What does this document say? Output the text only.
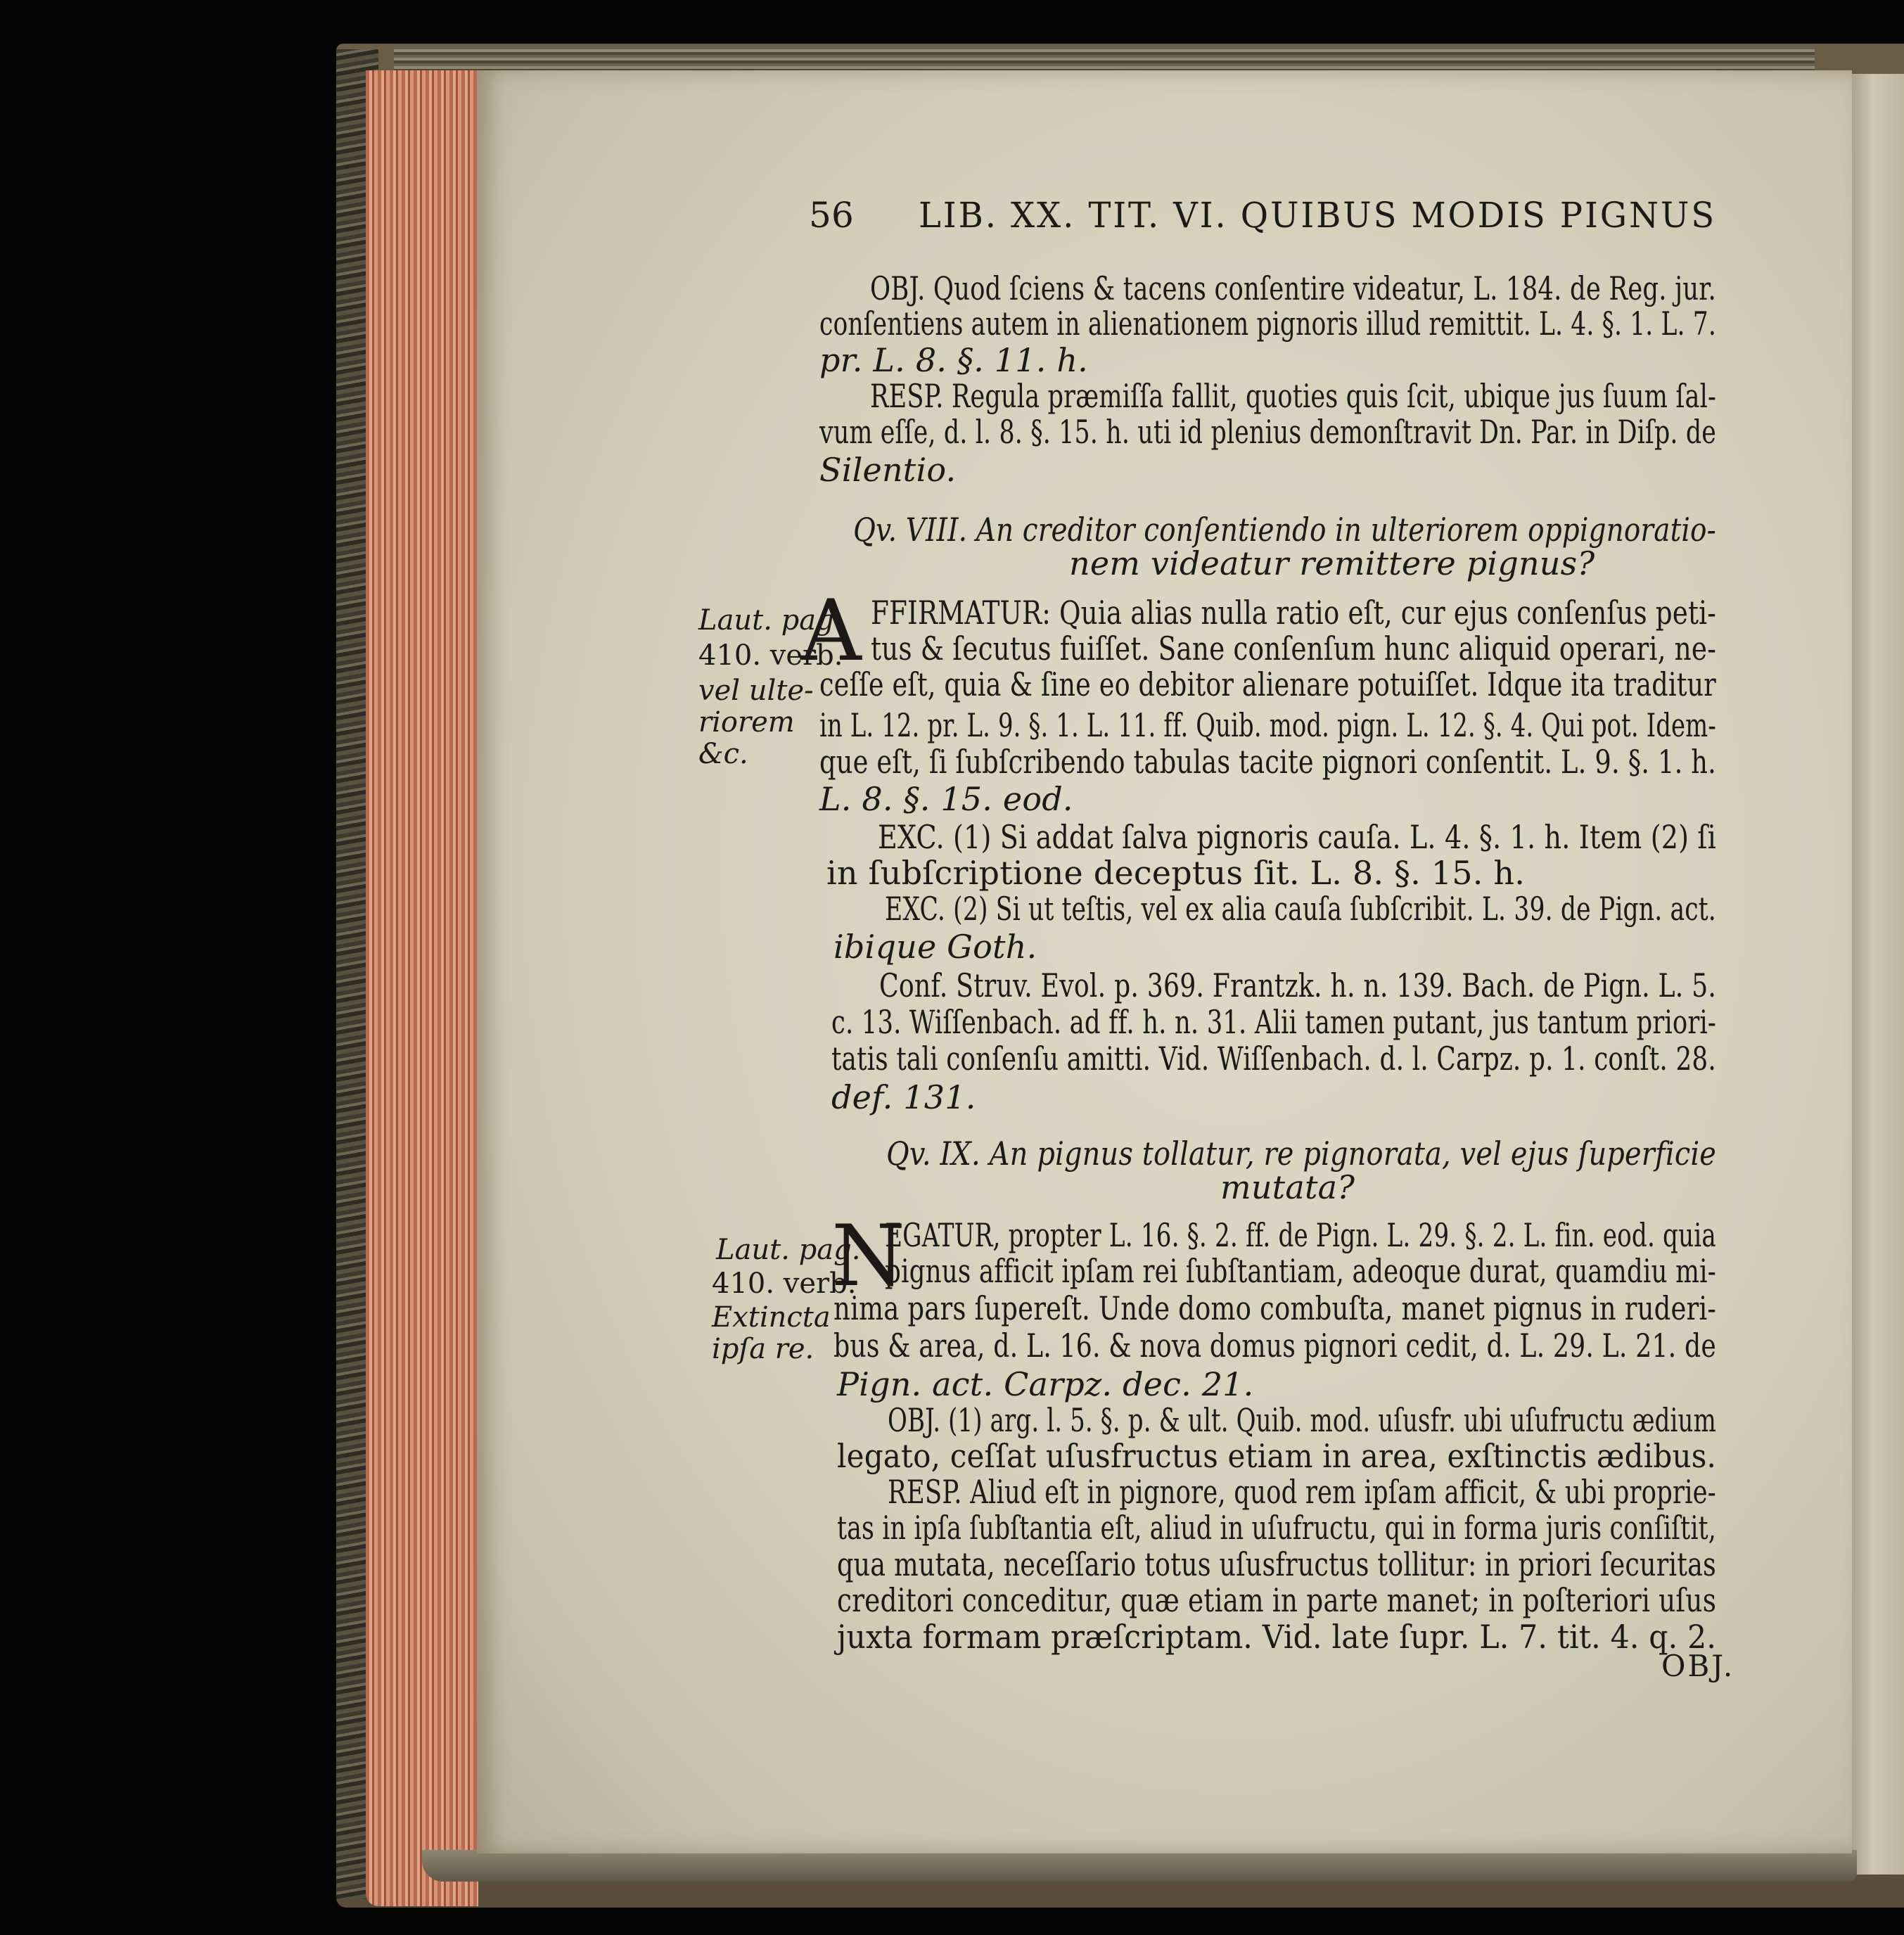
56 LIB. XX. TIT. VI. QUIBUS MODIS PIGNUS
OBJ. Quod ſciens & tacens conſentire videatur, L. 184. de Reg. jur.
conſentiens autem in alienationem pignoris illud remittit. L. 4. §. 1. L. 7.
pr. L. 8. §. 11. h.
RESP. Regula præmiſſa fallit, quoties quis ſcit, ubique jus ſuum ſal-
vum eſſe, d. l. 8. §. 15. h. uti id plenius demonſtravit Dn. Par. in Diſp. de
Silentio.
Qv. VIII. An creditor conſentiendo in ulteriorem oppignoratio-
nem videatur remittere pignus?
A FFIRMATUR: Quia alias nulla ratio eſt, cur ejus conſenſus peti-
tus & ſecutus fuiſſet. Sane conſenſum hunc aliquid operari, ne-
ceſſe eſt, quia & ſine eo debitor alienare potuiſſet. Idque ita traditur
in L. 12. pr. L. 9. §. 1. L. 11. ff. Quib. mod. pign. L. 12. §. 4. Qui pot. Idem-
que eſt, ſi ſubſcribendo tabulas tacite pignori conſentit. L. 9. §. 1. h.
L. 8. §. 15. eod.
EXC. (1) Si addat ſalva pignoris cauſa. L. 4. §. 1. h. Item (2) ſi
in ſubſcriptione deceptus ſit. L. 8. §. 15. h.
EXC. (2) Si ut teſtis, vel ex alia cauſa ſubſcribit. L. 39. de Pign. act.
ibique Goth.
Conf. Struv. Evol. p. 369. Frantzk. h. n. 139. Bach. de Pign. L. 5.
c. 13. Wiſſenbach. ad ff. h. n. 31. Alii tamen putant, jus tantum priori-
tatis tali conſenſu amitti. Vid. Wiſſenbach. d. l. Carpz. p. 1. conſt. 28.
def. 131.
Qv. IX. An pignus tollatur, re pignorata, vel ejus ſuperficie
mutata?
N
EGATUR, propter L. 16. §. 2. ff. de Pign. L. 29. §. 2. L. fin. eod. quia
pignus afficit ipſam rei ſubſtantiam, adeoque durat, quamdiu mi-
nima pars ſupereſt. Unde domo combuſta, manet pignus in ruderi-
bus & area, d. L. 16. & nova domus pignori cedit, d. L. 29. L. 21. de
Pign. act. Carpz. dec. 21.
OBJ. (1) arg. l. 5. §. p. & ult. Quib. mod. uſusfr. ubi uſufructu ædium
legato, ceſſat uſusfructus etiam in area, exſtinctis ædibus.
RESP. Aliud eſt in pignore, quod rem ipſam afficit, & ubi proprie-
tas in ipſa ſubſtantia eſt, aliud in uſufructu, qui in forma juris conſiſtit,
qua mutata, neceſſario totus uſusfructus tollitur: in priori ſecuritas
creditori conceditur, quæ etiam in parte manet; in poſteriori uſus
juxta formam præſcriptam. Vid. late ſupr. L. 7. tit. 4. q. 2.
OBJ.
Laut. pag.
410. verb.
vel ulte-
riorem
&c.
Laut. pag.
410. verb.
Extincta
ipſa re.
